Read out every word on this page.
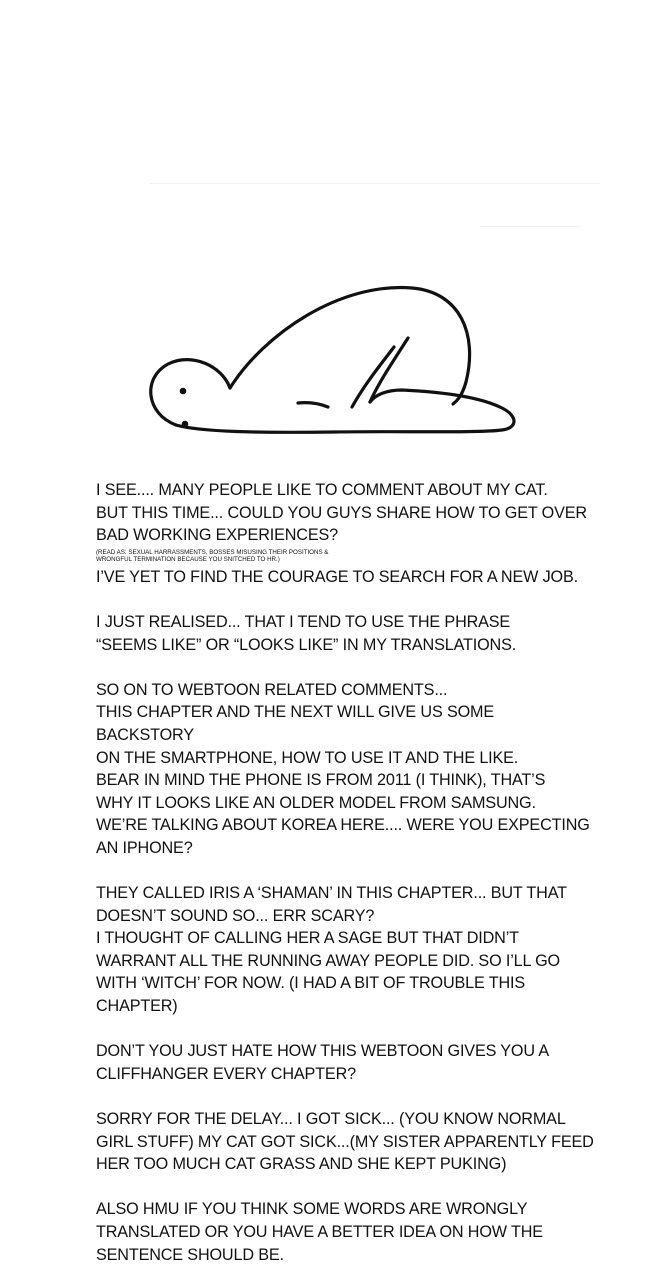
I SEE.... MANY PEOPLE LIKE TO COMMENT ABOUT MY CAT.

BUT THIS TIME... COULD YOU GUYS SHARE HOW TO GET OVER

BAD WORKING EXPERIENCES?

(READ AS: SEXUAL HARRASSMENTS, BOSSES MISUSING THEIR POSITIONS &
WRONGFUL TERMINATION BECAUSE YOU SNITCHED TO HR.)

I’VE YET TO FIND THE COURAGE TO SEARCH FOR A NEW JOB.

I JUST REALISED... THAT I TEND TO USE THE PHRASE

“SEEMS LIKE” OR “LOOKS LIKE” IN MY TRANSLATIONS.

SO ON TO WEBTOON RELATED COMMENTS...

THIS CHAPTER AND THE NEXT WILL GIVE US SOME BACKSTORY

ON THE SMARTPHONE, HOW TO USE IT AND THE LIKE.

BEAR IN MIND THE PHONE IS FROM 2011 (I THINK), THAT’S

WHY IT LOOKS LIKE AN OLDER MODEL FROM SAMSUNG.

WE’RE TALKING ABOUT KOREA HERE.... WERE YOU EXPECTING

AN IPHONE?

THEY CALLED IRIS A ‘SHAMAN’ IN THIS CHAPTER... BUT THAT

DOESN’T SOUND SO... ERR SCARY?

I THOUGHT OF CALLING HER A SAGE BUT THAT DIDN’T

WARRANT ALL THE RUNNING AWAY PEOPLE DID. SO I’LL GO

WITH ‘WITCH’ FOR NOW. (I HAD A BIT OF TROUBLE THIS

CHAPTER)

DON’T YOU JUST HATE HOW THIS WEBTOON GIVES YOU A

CLIFFHANGER EVERY CHAPTER?

SORRY FOR THE DELAY... I GOT SICK... (YOU KNOW NORMAL

GIRL STUFF) MY CAT GOT SICK...(MY SISTER APPARENTLY FEED

HER TOO MUCH CAT GRASS AND SHE KEPT PUKING)

ALSO HMU IF YOU THINK SOME WORDS ARE WRONGLY

TRANSLATED OR YOU HAVE A BETTER IDEA ON HOW THE

SENTENCE SHOULD BE.
